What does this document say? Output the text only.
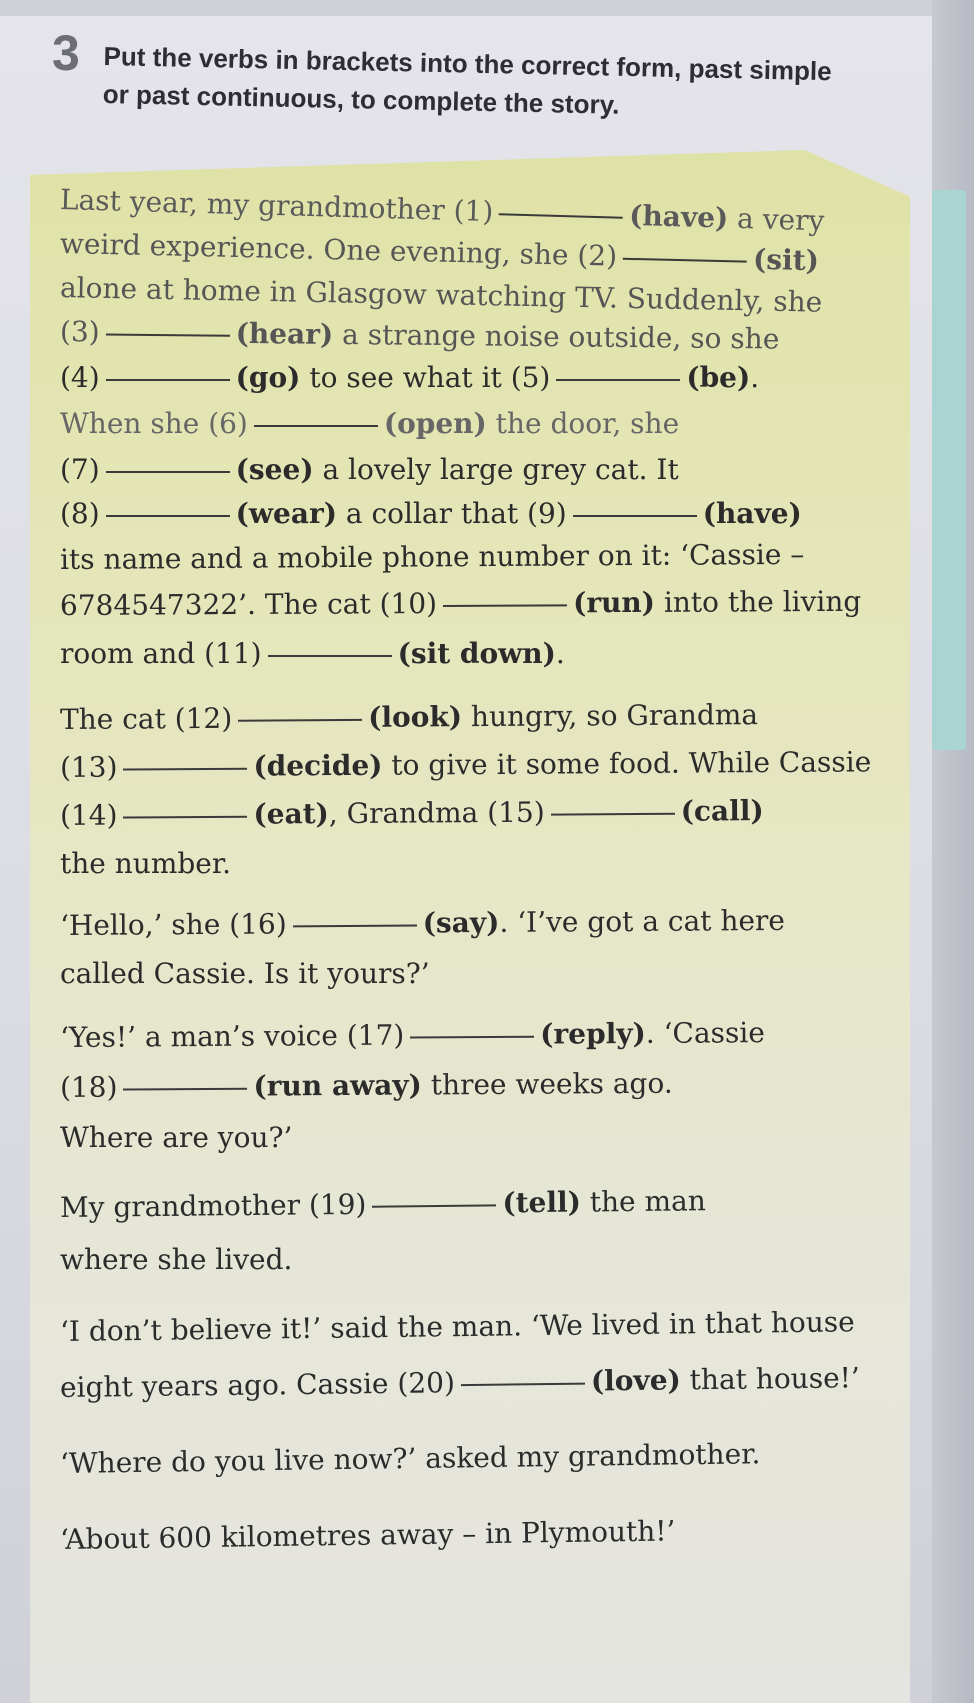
3 Put the verbs in brackets into the correct form, past simple or past continuous, to complete the story.
Last year, my grandmother (1)	(have) a very
weird experience. One evening, she (2)	(sit)
alone at home in Glasgow watching TV. Suddenly, she
(3)	(hear) a strange noise outside, so she
(4)	(go) to see what it (5)	(be).
When she (6)	(open) the door, she
(7)	(see) a lovely large grey cat. It
(8)	(wear) a collar that (9)	(have)
its name and a mobile phone number on it: ‘Cassie –
6784547322’. The cat (10)	(run) into the living
room and (11)	(sit down).
The cat (12)	(look) hungry, so Grandma
(13)	(decide) to give it some food. While Cassie
(14)	(eat), Grandma (15)	(call)
the number.
‘Hello,’ she (16)	(say). ‘I’ve got a cat here
called Cassie. Is it yours?’
‘Yes!’ a man’s voice (17)	(reply). ‘Cassie
(18)	(run away) three weeks ago.
Where are you?’
My grandmother (19)	(tell) the man
where she lived.
‘I don’t believe it!’ said the man. ‘We lived in that house
eight years ago. Cassie (20)	(love) that house!’
‘Where do you live now?’ asked my grandmother.
‘About 600 kilometres away – in Plymouth!’
